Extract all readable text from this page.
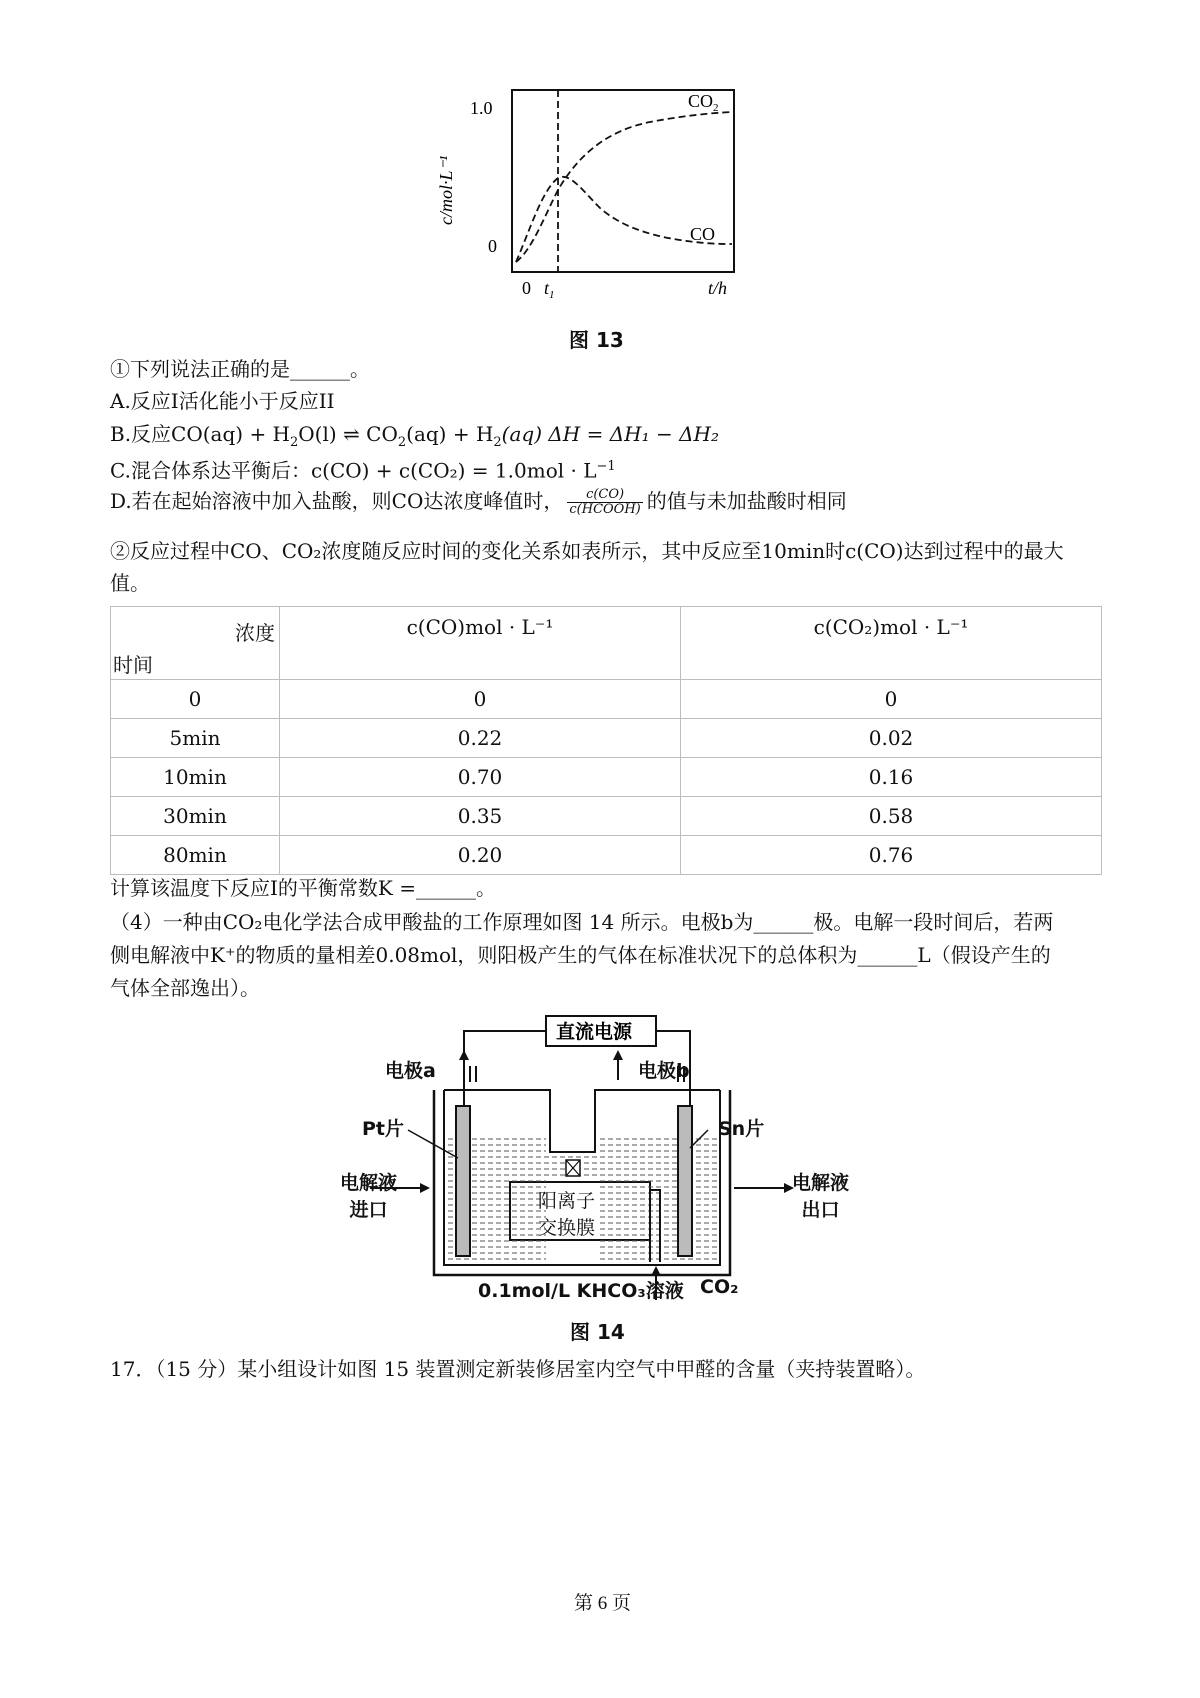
c/mol·L⁻¹
1.0
0
0 $t_1$	t/h
$CO_2$
CO
图 13
①下列说法正确的是______。
A.反应I活化能小于反应II
B.反应$CO(aq) + H_2O(l)$ ⇌ $CO_2(aq) + H_2(aq) \Delta H = \Delta H_1 - \Delta H_2$
C.混合体系达平衡后：$c(CO) + c(CO_2) = 1.0mol \cdot L^{-1}$
D.若在起始溶液中加入盐酸，则CO达浓度峰值时， $\frac{c(CO)}{\text{c(HCOOH)}}$ 的值与未加盐酸时相同
②反应过程中CO、CO₂浓度随反应时间的变化关系如表所示，其中反应至10min时c(CO)达到过程中的最大
值。
浓度
时间	c(CO)mol · L⁻¹	c(CO₂)mol · L⁻¹
0	0	0
5min	0.22	0.02
10min	0.70	0.16
30min	0.35	0.58
80min	0.20	0.76
计算该温度下反应I的平衡常数K =______。
（4）一种由CO₂电化学法合成甲酸盐的工作原理如图 14 所示。电极b为______极。电解一段时间后，若两
侧电解液中K⁺的物质的量相差0.08mol，则阳极产生的气体在标准状况下的总体积为______L（假设产生的
气体全部逸出）。
直流电源
电极a	电极b
Pt片	Sn片
电解液
进口
电解液
出口
阳离子
交换膜
0.1mol/L KHCO₃溶液 CO₂
图 14
17．（15 分）某小组设计如图 15 装置测定新装修居室内空气中甲醛的含量（夹持装置略）。
第 6 页
